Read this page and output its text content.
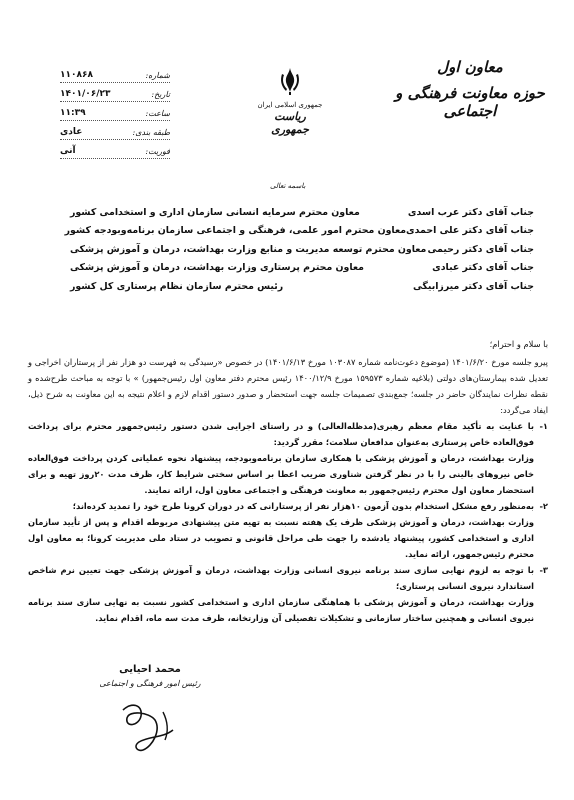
معاون اول
حوزه معاونت فرهنگی و اجتماعی
جمهوری اسلامی ایران
ریاست جمهوری
شماره:
۱۱۰۸۶۸
تاریخ:
۱۴۰۱/۰۶/۲۳
ساعت:
۱۱:۳۹
طبقه بندی:
عادی
فوریت:
آنی
باسمه تعالی
جناب آقای دکتر عرب اسدی
معاون محترم سرمایه انسانی سازمان اداری و استخدامی کشور
جناب آقای دکتر علی احمدی
معاون محترم امور علمی، فرهنگی و اجتماعی سازمان برنامه‌وبودجه کشور
جناب آقای دکتر رحیمی
معاون محترم توسعه مدیریت و منابع وزارت بهداشت، درمان و آموزش پزشکی
جناب آقای دکتر عبادی
معاون محترم پرستاری وزارت بهداشت، درمان و آموزش پزشکی
جناب آقای دکتر میرزابیگی
رئیس محترم سازمان نظام پرستاری کل کشور

با سلام و احترام؛

پیرو جلسه مورخ ۱۴۰۱/۶/۲۰ (موضوع دعوت‌نامه شماره ۱۰۳۰۸۷ مورخ ۱۴۰۱/۶/۱۳) در خصوص «رسیدگی به فهرست دو هزار نفر از پرستاران اخراجی و تعدیل شده بیمارستان‌های دولتی (بلاغیه شماره ۱۵۹۵۷۳ مورخ ۱۴۰۰/۱۲/۹ رئیس محترم دفتر معاون اول رئیس‌جمهور) » با توجه به مباحث طرح‌شده و نقطه نظرات نمایندگان حاضر در جلسه؛ جمع‌بندی تصمیمات جلسه جهت استحضار و صدور دستور اقدام لازم و اعلام نتیجه به این معاونت به شرح ذیل، ایفاد می‌گردد:

۱-
با عنایت به تأکید مقام معظم رهبری(مدظله‌العالی) و در راستای اجرایی شدن دستور رئیس‌جمهور محترم برای پرداخت فوق‌العاده خاص پرستاری به‌عنوان مدافعان سلامت؛ مقرر گردید:
وزارت بهداشت، درمان و آموزش پزشکی با همکاری سازمان برنامه‌وبودجه، پیشنهاد نحوه عملیاتی کردن پرداخت فوق‌العاده خاص نیروهای بالینی را با در نظر گرفتن شناوری ضریب اعطا بر اساس سختی شرایط کار، ظرف مدت ۲۰روز تهیه و برای استحضار معاون اول محترم رئیس‌جمهور به معاونت فرهنگی و اجتماعی معاون اول، ارائه نمایند.
۲-
به‌منظور رفع مشکل استخدام بدون آزمون ۱۰هزار نفر از پرستارانی که در دوران کرونا طرح خود را تمدید کرده‌اند؛
وزارت بهداشت، درمان و آموزش پزشکی ظرف یک هفته نسبت به تهیه متن پیشنهادی مربوطه اقدام و پس از تأیید سازمان اداری و استخدامی کشور، پیشنهاد یادشده را جهت طی مراحل قانونی و تصویب در ستاد ملی مدیریت کرونا؛ به معاون اول محترم رئیس‌جمهور، ارائه نماید.
۳-
با توجه به لزوم نهایی سازی سند برنامه نیروی انسانی وزارت بهداشت، درمان و آموزش پزشکی جهت تعیین نرم شاخص استاندارد نیروی انسانی پرستاری؛
وزارت بهداشت، درمان و آموزش پزشکی با هماهنگی سازمان اداری و استخدامی کشور نسبت به نهایی سازی سند برنامه نیروی انسانی و همچنین ساختار سازمانی و تشکیلات تفصیلی آن وزارتخانه، ظرف مدت سه ماه، اقدام نماید.
محمد احیایی
رئیس امور فرهنگی و اجتماعی
